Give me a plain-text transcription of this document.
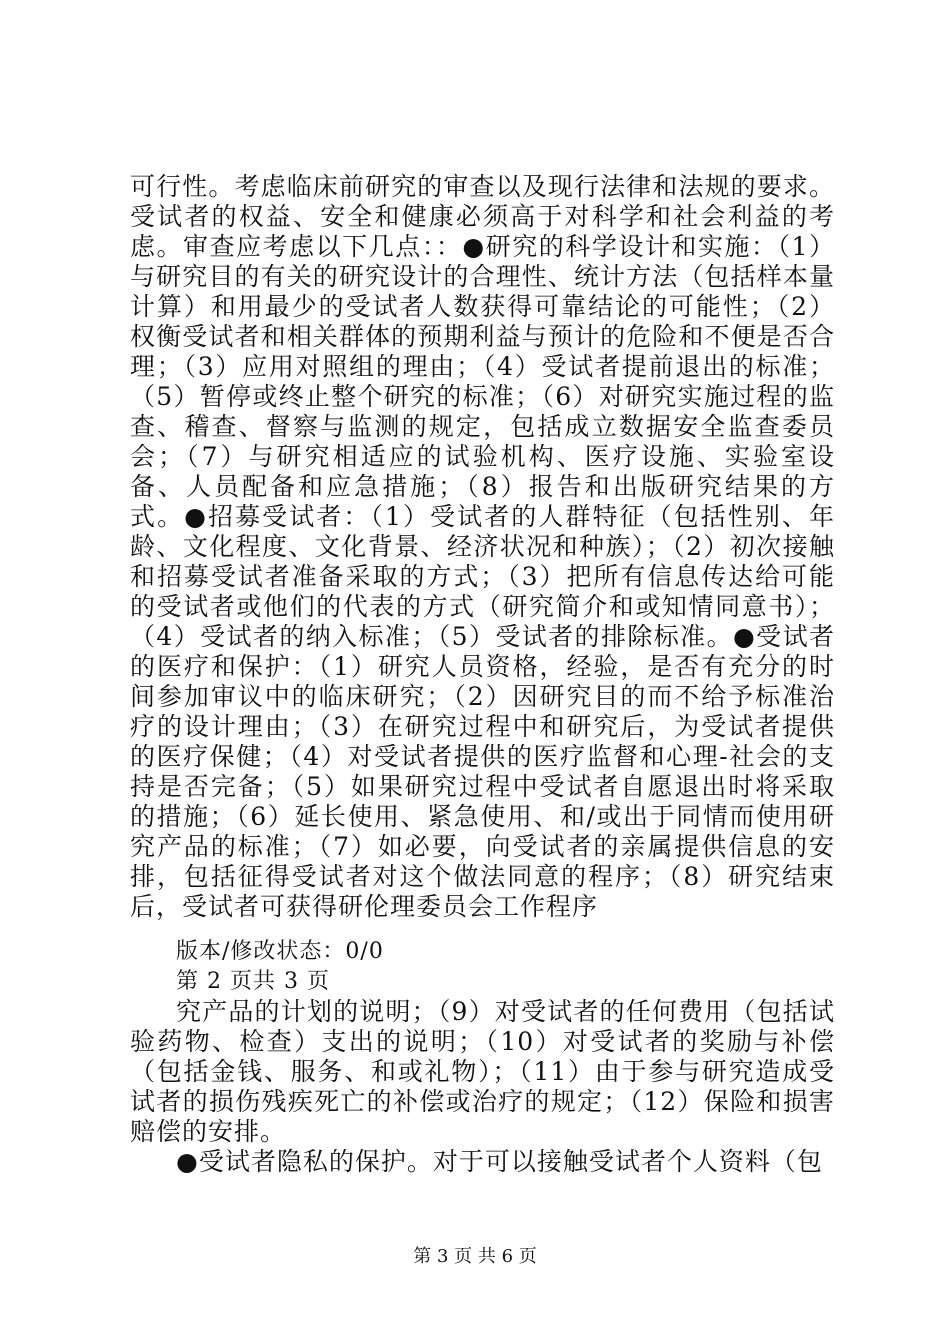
可行性。考虑临床前研究的审查以及现行法律和法规的要求。受试者的权益、安全和健康必须高于对科学和社会利益的考虑。审查应考虑以下几点：：●研究的科学设计和实施：（1）与研究目的有关的研究设计的合理性、统计方法（包括样本量计算）和用最少的受试者人数获得可靠结论的可能性；（2）权衡受试者和相关群体的预期利益与预计的危险和不便是否合理；（3）应用对照组的理由；（4）受试者提前退出的标准；（5）暂停或终止整个研究的标准；（6）对研究实施过程的监查、稽查、督察与监测的规定，包括成立数据安全监查委员会；（7）与研究相适应的试验机构、医疗设施、实验室设备、人员配备和应急措施；（8）报告和出版研究结果的方式。●招募受试者：（1）受试者的人群特征（包括性别、年龄、文化程度、文化背景、经济状况和种族）；（2）初次接触和招募受试者准备采取的方式；（3）把所有信息传达给可能的受试者或他们的代表的方式（研究简介和或知情同意书）；（4）受试者的纳入标准；（5）受试者的排除标准。●受试者的医疗和保护：（1）研究人员资格，经验，是否有充分的时间参加审议中的临床研究；（2）因研究目的而不给予标准治疗的设计理由；（3）在研究过程中和研究后，为受试者提供的医疗保健；（4）对受试者提供的医疗监督和心理-社会的支持是否完备；（5）如果研究过程中受试者自愿退出时将采取的措施；（6）延长使用、紧急使用、和/或出于同情而使用研究产品的标准；（7）如必要，向受试者的亲属提供信息的安排，包括征得受试者对这个做法同意的程序；（8）研究结束后，受试者可获得研伦理委员会工作程序

版本/修改状态：0/0

第 2 页共 3 页

究产品的计划的说明；（9）对受试者的任何费用（包括试验药物、检查）支出的说明；（10）对受试者的奖励与补偿（包括金钱、服务、和或礼物）；（11）由于参与研究造成受试者的损伤残疾死亡的补偿或治疗的规定；（12）保险和损害赔偿的安排。

●受试者隐私的保护。对于可以接触受试者个人资料（包

第 3 页 共 6 页
